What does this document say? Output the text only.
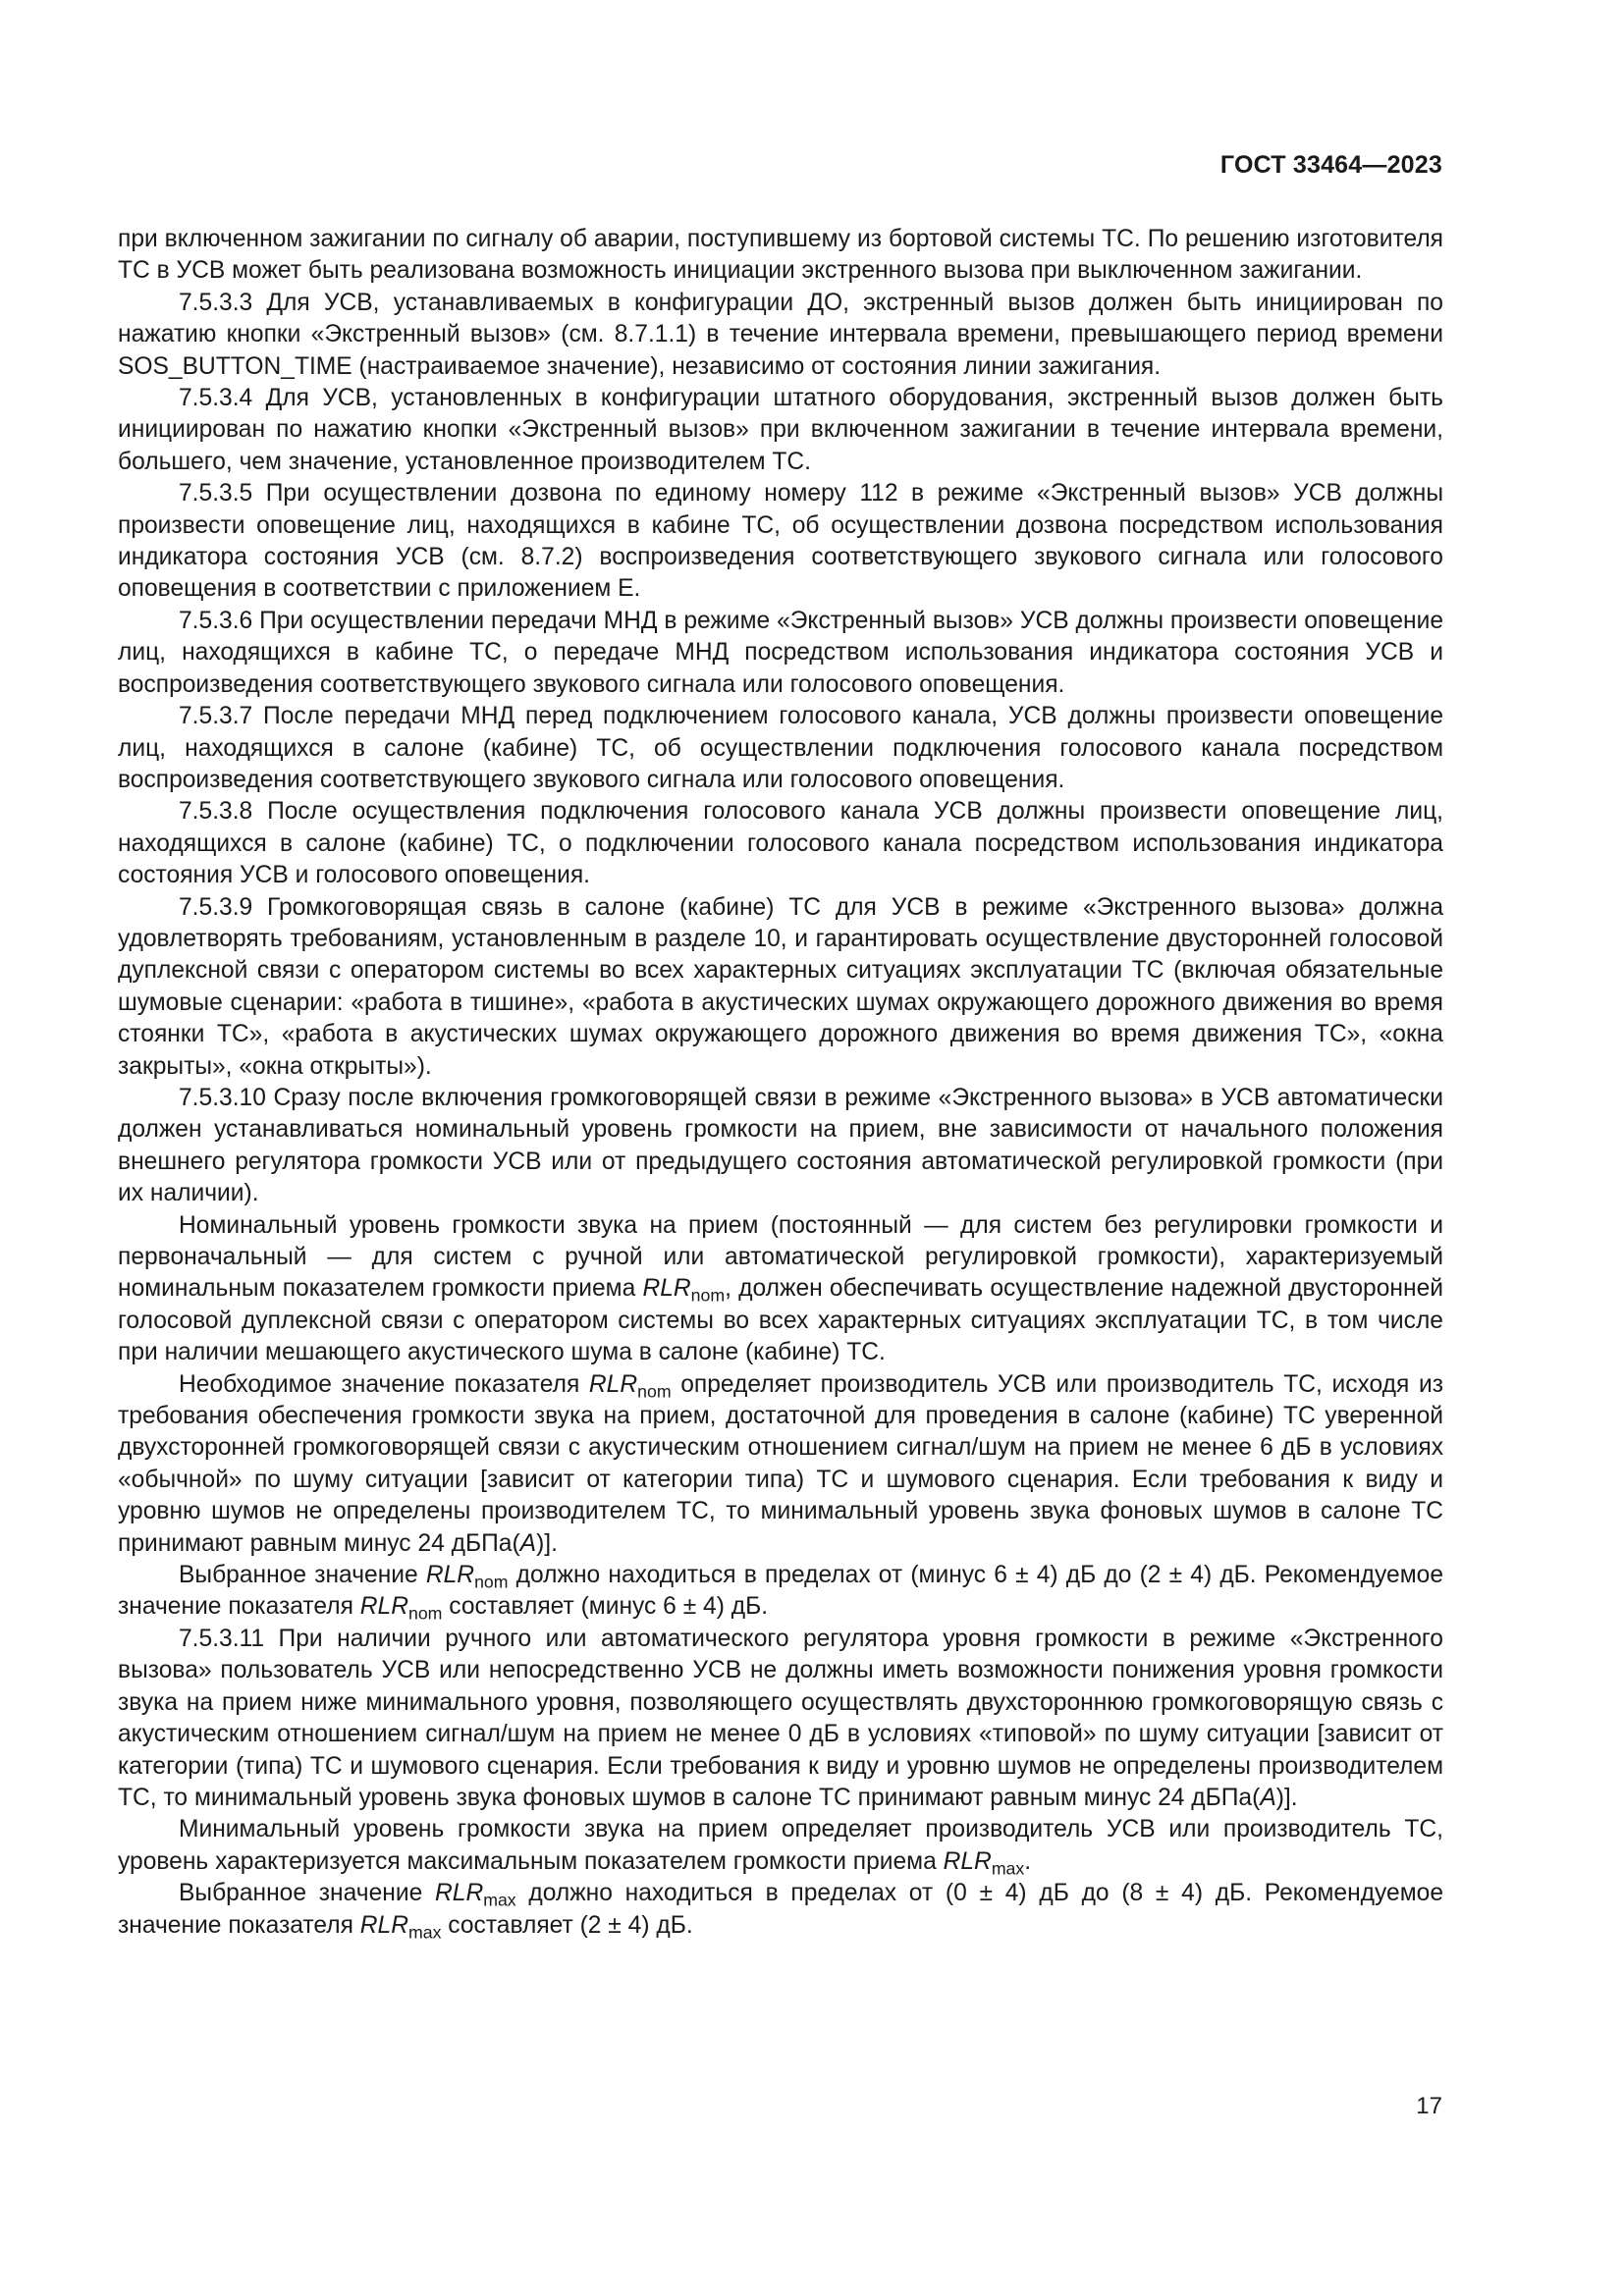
ГОСТ 33464—2023

при включенном зажигании по сигналу об аварии, поступившему из бортовой системы ТС. По решению изготовителя ТС в УСВ может быть реализована возможность инициации экстренного вызова при выключенном зажигании.

7.5.3.3 Для УСВ, устанавливаемых в конфигурации ДО, экстренный вызов должен быть инициирован по нажатию кнопки «Экстренный вызов» (см. 8.7.1.1) в течение интервала времени, превышающего период времени SOS_BUTTON_TIME (настраиваемое значение), независимо от состояния линии зажигания.

7.5.3.4 Для УСВ, установленных в конфигурации штатного оборудования, экстренный вызов должен быть инициирован по нажатию кнопки «Экстренный вызов» при включенном зажигании в течение интервала времени, большего, чем значение, установленное производителем ТС.

7.5.3.5 При осуществлении дозвона по единому номеру 112 в режиме «Экстренный вызов» УСВ должны произвести оповещение лиц, находящихся в кабине ТС, об осуществлении дозвона посредством использования индикатора состояния УСВ (см. 8.7.2) воспроизведения соответствующего звукового сигнала или голосового оповещения в соответствии с приложением Е.

7.5.3.6 При осуществлении передачи МНД в режиме «Экстренный вызов» УСВ должны произвести оповещение лиц, находящихся в кабине ТС, о передаче МНД посредством использования индикатора состояния УСВ и воспроизведения соответствующего звукового сигнала или голосового оповещения.

7.5.3.7 После передачи МНД перед подключением голосового канала, УСВ должны произвести оповещение лиц, находящихся в салоне (кабине) ТС, об осуществлении подключения голосового канала посредством воспроизведения соответствующего звукового сигнала или голосового оповещения.

7.5.3.8 После осуществления подключения голосового канала УСВ должны произвести оповещение лиц, находящихся в салоне (кабине) ТС, о подключении голосового канала посредством использования индикатора состояния УСВ и голосового оповещения.

7.5.3.9 Громкоговорящая связь в салоне (кабине) ТС для УСВ в режиме «Экстренного вызова» должна удовлетворять требованиям, установленным в разделе 10, и гарантировать осуществление двусторонней голосовой дуплексной связи с оператором системы во всех характерных ситуациях эксплуатации ТС (включая обязательные шумовые сценарии: «работа в тишине», «работа в акустических шумах окружающего дорожного движения во время стоянки ТС», «работа в акустических шумах окружающего дорожного движения во время движения ТС», «окна закрыты», «окна открыты»).

7.5.3.10 Сразу после включения громкоговорящей связи в режиме «Экстренного вызова» в УСВ автоматически должен устанавливаться номинальный уровень громкости на прием, вне зависимости от начального положения внешнего регулятора громкости УСВ или от предыдущего состояния автоматической регулировкой громкости (при их наличии).

Номинальный уровень громкости звука на прием (постоянный — для систем без регулировки громкости и первоначальный — для систем с ручной или автоматической регулировкой громкости), характеризуемый номинальным показателем громкости приема $RLR_{nom}$, должен обеспечивать осуществление надежной двусторонней голосовой дуплексной связи с оператором системы во всех характерных ситуациях эксплуатации ТС, в том числе при наличии мешающего акустического шума в салоне (кабине) ТС.

Необходимое значение показателя $RLR_{nom}$ определяет производитель УСВ или производитель ТС, исходя из требования обеспечения громкости звука на прием, достаточной для проведения в салоне (кабине) ТС уверенной двухсторонней громкоговорящей связи с акустическим отношением сигнал/шум на прием не менее 6 дБ в условиях «обычной» по шуму ситуации [зависит от категории типа) ТС и шумового сценария. Если требования к виду и уровню шумов не определены производителем ТС, то минимальный уровень звука фоновых шумов в салоне ТС принимают равным минус 24 дБПа(A)].

Выбранное значение $RLR_{nom}$ должно находиться в пределах от (минус 6 ± 4) дБ до (2 ± 4) дБ. Рекомендуемое значение показателя $RLR_{nom}$ составляет (минус 6 ± 4) дБ.

7.5.3.11 При наличии ручного или автоматического регулятора уровня громкости в режиме «Экстренного вызова» пользователь УСВ или непосредственно УСВ не должны иметь возможности понижения уровня громкости звука на прием ниже минимального уровня, позволяющего осуществлять двухстороннюю громкоговорящую связь с акустическим отношением сигнал/шум на прием не менее 0 дБ в условиях «типовой» по шуму ситуации [зависит от категории (типа) ТС и шумового сценария. Если требования к виду и уровню шумов не определены производителем ТС, то минимальный уровень звука фоновых шумов в салоне ТС принимают равным минус 24 дБПа(A)].

Минимальный уровень громкости звука на прием определяет производитель УСВ или производитель ТС, уровень характеризуется максимальным показателем громкости приема $RLR_{max}$.

Выбранное значение $RLR_{max}$ должно находиться в пределах от (0 ± 4) дБ до (8 ± 4) дБ. Рекомендуемое значение показателя $RLR_{max}$ составляет (2 ± 4) дБ.

17
